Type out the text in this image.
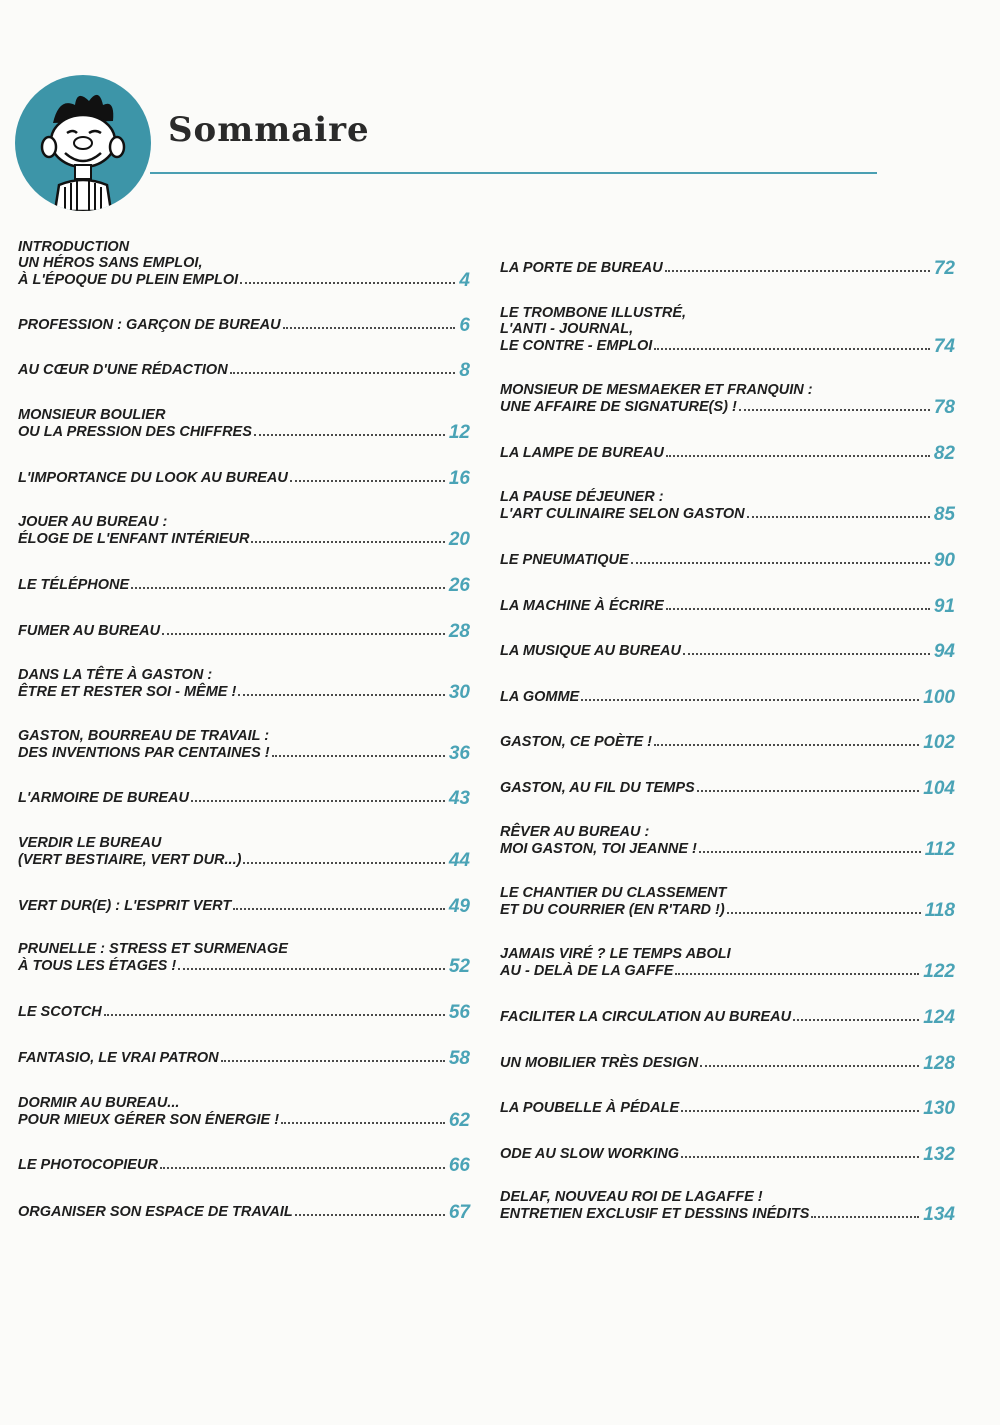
Sommaire
INTRODUCTION
UN HÉROS SANS EMPLOI,
À L'ÉPOQUE DU PLEIN EMPLOI	4
PROFESSION : GARÇON DE BUREAU	6
AU CŒUR D'UNE RÉDACTION	8
MONSIEUR BOULIER
OU LA PRESSION DES CHIFFRES	12
L'IMPORTANCE DU LOOK AU BUREAU	16
JOUER AU BUREAU :
ÉLOGE DE L'ENFANT INTÉRIEUR	20
LE TÉLÉPHONE	26
FUMER AU BUREAU	28
DANS LA TÊTE À GASTON :
ÊTRE ET RESTER SOI - MÊME !	30
GASTON, BOURREAU DE TRAVAIL :
DES INVENTIONS PAR CENTAINES !	36
L'ARMOIRE DE BUREAU	43
VERDIR LE BUREAU
(VERT BESTIAIRE, VERT DUR...)	44
VERT DUR(E) : L'ESPRIT VERT	49
PRUNELLE : STRESS ET SURMENAGE
À TOUS LES ÉTAGES !	52
LE SCOTCH	56
FANTASIO, LE VRAI PATRON	58
DORMIR AU BUREAU...
POUR MIEUX GÉRER SON ÉNERGIE !	62
LE PHOTOCOPIEUR	66
ORGANISER SON ESPACE DE TRAVAIL	67
LA PORTE DE BUREAU	72
LE TROMBONE ILLUSTRÉ,
L'ANTI - JOURNAL,
LE CONTRE - EMPLOI	74
MONSIEUR DE MESMAEKER ET FRANQUIN :
UNE AFFAIRE DE SIGNATURE(S) !	78
LA LAMPE DE BUREAU	82
LA PAUSE DÉJEUNER :
L'ART CULINAIRE SELON GASTON	85
LE PNEUMATIQUE	90
LA MACHINE À ÉCRIRE	91
LA MUSIQUE AU BUREAU	94
LA GOMME	100
GASTON, CE POÈTE !	102
GASTON, AU FIL DU TEMPS	104
RÊVER AU BUREAU :
MOI GASTON, TOI JEANNE !	112
LE CHANTIER DU CLASSEMENT
ET DU COURRIER (EN R'TARD !)	118
JAMAIS VIRÉ ? LE TEMPS ABOLI
AU - DELÀ DE LA GAFFE	122
FACILITER LA CIRCULATION AU BUREAU	124
UN MOBILIER TRÈS DESIGN	128
LA POUBELLE À PÉDALE	130
ODE AU SLOW WORKING	132
DELAF, NOUVEAU ROI DE LAGAFFE !
ENTRETIEN EXCLUSIF ET DESSINS INÉDITS	134
